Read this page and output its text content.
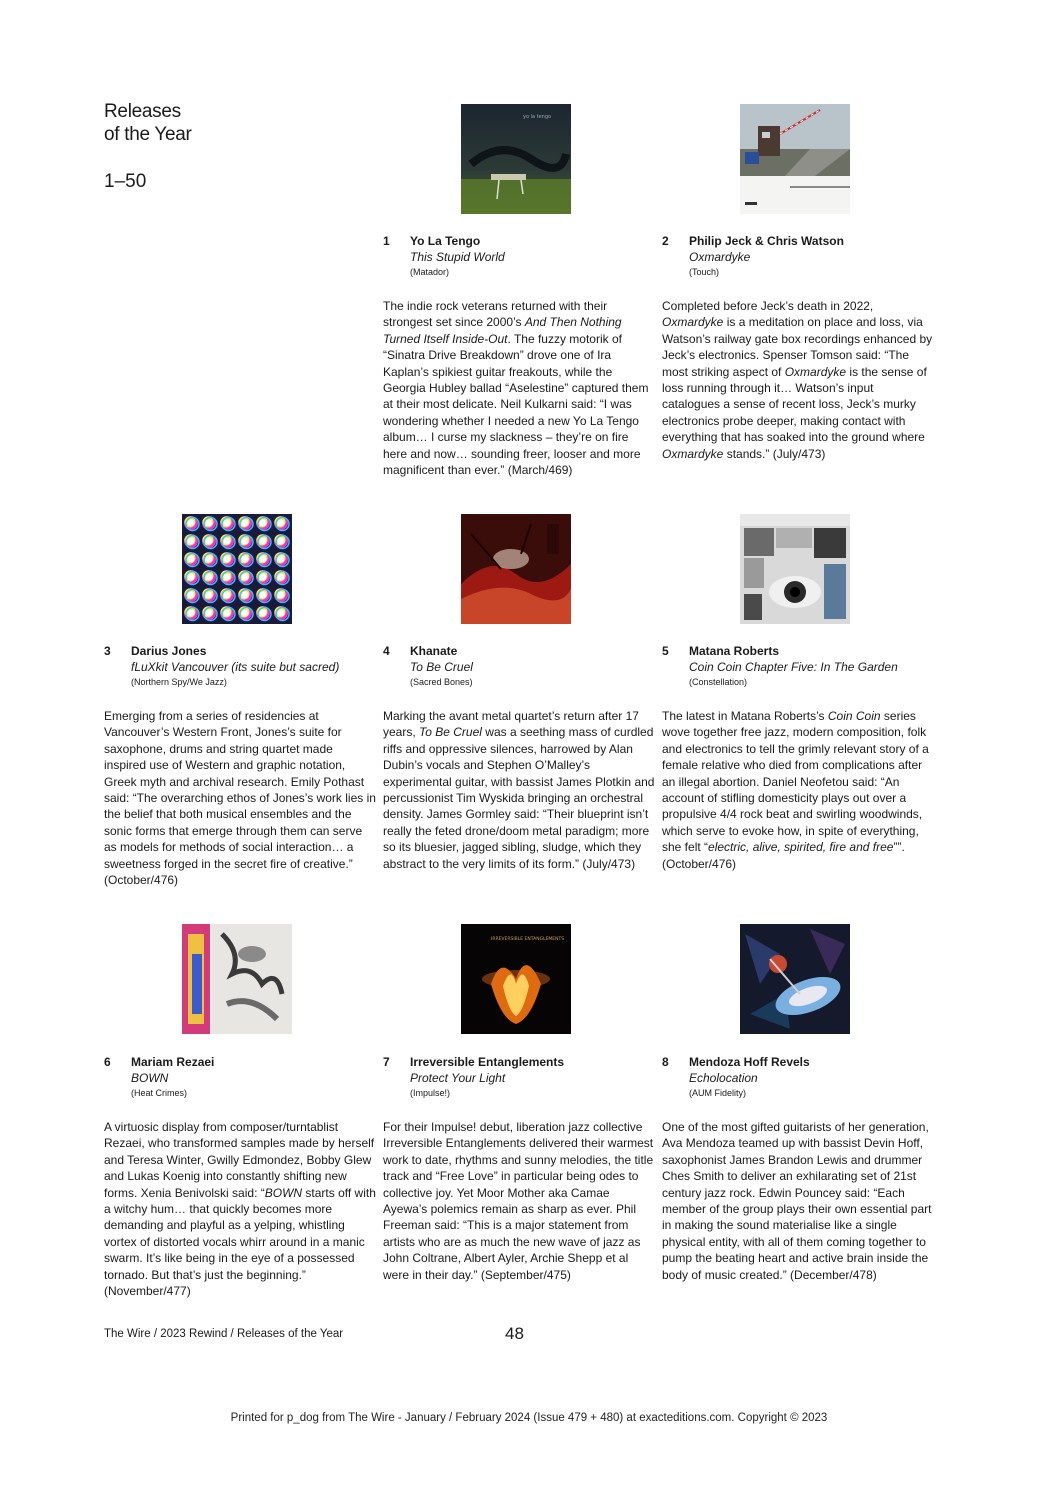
Releases
of the Year
1–50
yo la tengo
IRREVERSIBLE ENTANGLEMENTS
1 Yo La Tengo
This Stupid World
(Matador)
The indie rock veterans returned with their strongest set since 2000’s And Then Nothing Turned Itself Inside-Out. The fuzzy motorik of “Sinatra Drive Breakdown” drove one of Ira Kaplan’s spikiest guitar freakouts, while the Georgia Hubley ballad “Aselestine” captured them at their most delicate. Neil Kulkarni said: “I was wondering whether I needed a new Yo La Tengo album… I curse my slackness – they’re on fire here and now… sounding freer, looser and more magnificent than ever.” (March/469)
2 Philip Jeck & Chris Watson
Oxmardyke
(Touch)
Completed before Jeck’s death in 2022, Oxmardyke is a meditation on place and loss, via Watson’s railway gate box recordings enhanced by Jeck’s electronics. Spenser Tomson said: “The most striking aspect of Oxmardyke is the sense of loss running through it… Watson’s input catalogues a sense of recent loss, Jeck’s murky electronics probe deeper, making contact with everything that has soaked into the ground where Oxmardyke stands.” (July/473)
3 Darius Jones
fLuXkit Vancouver (its suite but sacred)
(Northern Spy/We Jazz)
Emerging from a series of residencies at Vancouver’s Western Front, Jones’s suite for saxophone, drums and string quartet made inspired use of Western and graphic notation, Greek myth and archival research. Emily Pothast said: “The overarching ethos of Jones’s work lies in the belief that both musical ensembles and the sonic forms that emerge through them can serve as models for methods of social interaction… a sweetness forged in the secret fire of creative.” (October/476)
4 Khanate
To Be Cruel
(Sacred Bones)
Marking the avant metal quartet’s return after 17 years, To Be Cruel was a seething mass of curdled riffs and oppressive silences, harrowed by Alan Dubin’s vocals and Stephen O’Malley’s experimental guitar, with bassist James Plotkin and percussionist Tim Wyskida bringing an orchestral density. James Gormley said: “Their blueprint isn’t really the feted drone/doom metal paradigm; more so its bluesier, jagged sibling, sludge, which they abstract to the very limits of its form.” (July/473)
5 Matana Roberts
Coin Coin Chapter Five: In The Garden
(Constellation)
The latest in Matana Roberts’s Coin Coin series wove together free jazz, modern composition, folk and electronics to tell the grimly relevant story of a female relative who died from complications after an illegal abortion. Daniel Neofetou said: “An account of stifling domesticity plays out over a propulsive 4/4 rock beat and swirling woodwinds, which serve to evoke how, in spite of everything, she felt “electric, alive, spirited, fire and free””. (October/476)
6 Mariam Rezaei
BOWN
(Heat Crimes)
A virtuosic display from composer/turntablist Rezaei, who transformed samples made by herself and Teresa Winter, Gwilly Edmondez, Bobby Glew and Lukas Koenig into constantly shifting new forms. Xenia Benivolski said: “BOWN starts off with a witchy hum… that quickly becomes more demanding and playful as a yelping, whistling vortex of distorted vocals whirr around in a manic swarm. It’s like being in the eye of a possessed tornado. But that’s just the beginning.” (November/477)
7 Irreversible Entanglements
Protect Your Light
(Impulse!)
For their Impulse! debut, liberation jazz collective Irreversible Entanglements delivered their warmest work to date, rhythms and sunny melodies, the title track and “Free Love” in particular being odes to collective joy. Yet Moor Mother aka Camae Ayewa’s polemics remain as sharp as ever. Phil Freeman said: “This is a major statement from artists who are as much the new wave of jazz as John Coltrane, Albert Ayler, Archie Shepp et al were in their day.” (September/475)
8 Mendoza Hoff Revels
Echolocation
(AUM Fidelity)
One of the most gifted guitarists of her generation, Ava Mendoza teamed up with bassist Devin Hoff, saxophonist James Brandon Lewis and drummer Ches Smith to deliver an exhilarating set of 21st century jazz rock. Edwin Pouncey said: “Each member of the group plays their own essential part in making the sound materialise like a single physical entity, with all of them coming together to pump the beating heart and active brain inside the body of music created.” (December/478)
The Wire / 2023 Rewind / Releases of the Year	48
Printed for p_dog from The Wire - January / February 2024 (Issue 479 + 480) at exacteditions.com. Copyright © 2023
